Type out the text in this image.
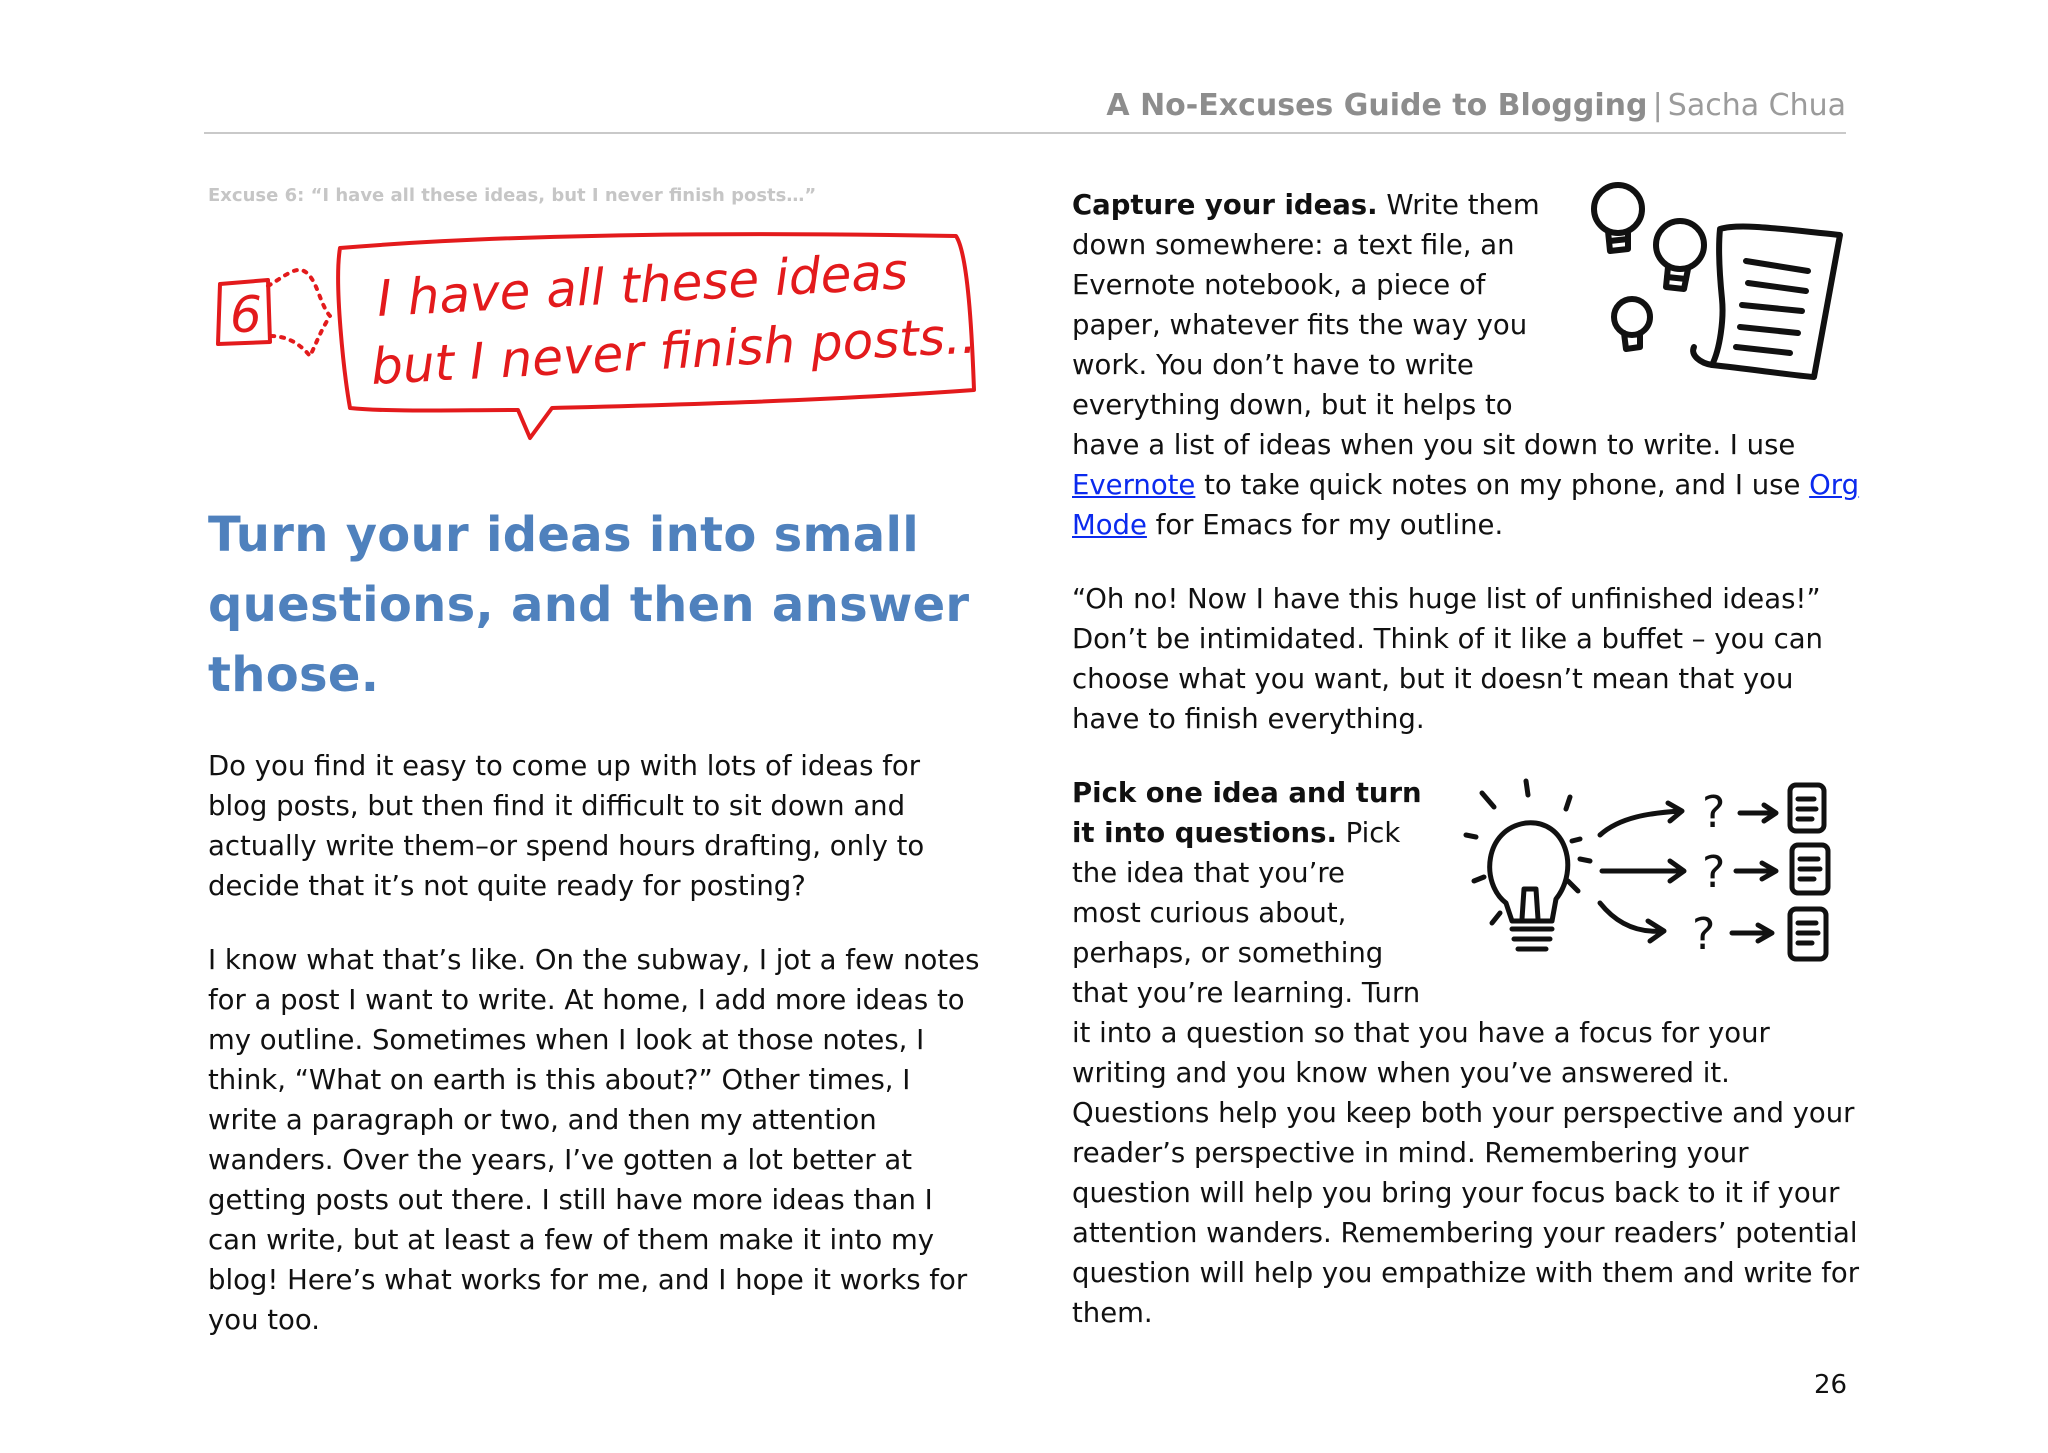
A No-Excuses Guide to Blogging | Sacha Chua
Excuse 6: “I have all these ideas, but I never finish posts…”
6 I have all these ideas
but I never finish posts..
Turn your ideas into small questions, and then answer those.

Do you find it easy to come up with lots of ideas for blog posts, but then find it difficult to sit down and actually write them–or spend hours drafting, only to decide that it’s not quite ready for posting?

I know what that’s like. On the subway, I jot a few notes for a post I want to write. At home, I add more ideas to my outline. Sometimes when I look at those notes, I think, “What on earth is this about?” Other times, I write a paragraph or two, and then my attention wanders. Over the years, I’ve gotten a lot better at getting posts out there. I still have more ideas than I can write, but at least a few of them make it into my blog! Here’s what works for me, and I hope it works for you too.

Capture your ideas. Write them down somewhere: a text file, an Evernote notebook, a piece of paper, whatever fits the way you work. You don’t have to write everything down, but it helps to have a list of ideas when you sit down to write. I use Evernote to take quick notes on my phone, and I use Org Mode for Emacs for my outline.

“Oh no! Now I have this huge list of unfinished ideas!” Don’t be intimidated. Think of it like a buffet – you can choose what you want, but it doesn’t mean that you have to finish everything.

?
?
?
Pick one idea and turn it into questions. Pick the idea that you’re most curious about, perhaps, or something that you’re learning. Turn it into a question so that you have a focus for your writing and you know when you’ve answered it. Questions help you keep both your perspective and your reader’s perspective in mind. Remembering your question will help you bring your focus back to it if your attention wanders. Remembering your readers’ potential question will help you empathize with them and write for them.

26
